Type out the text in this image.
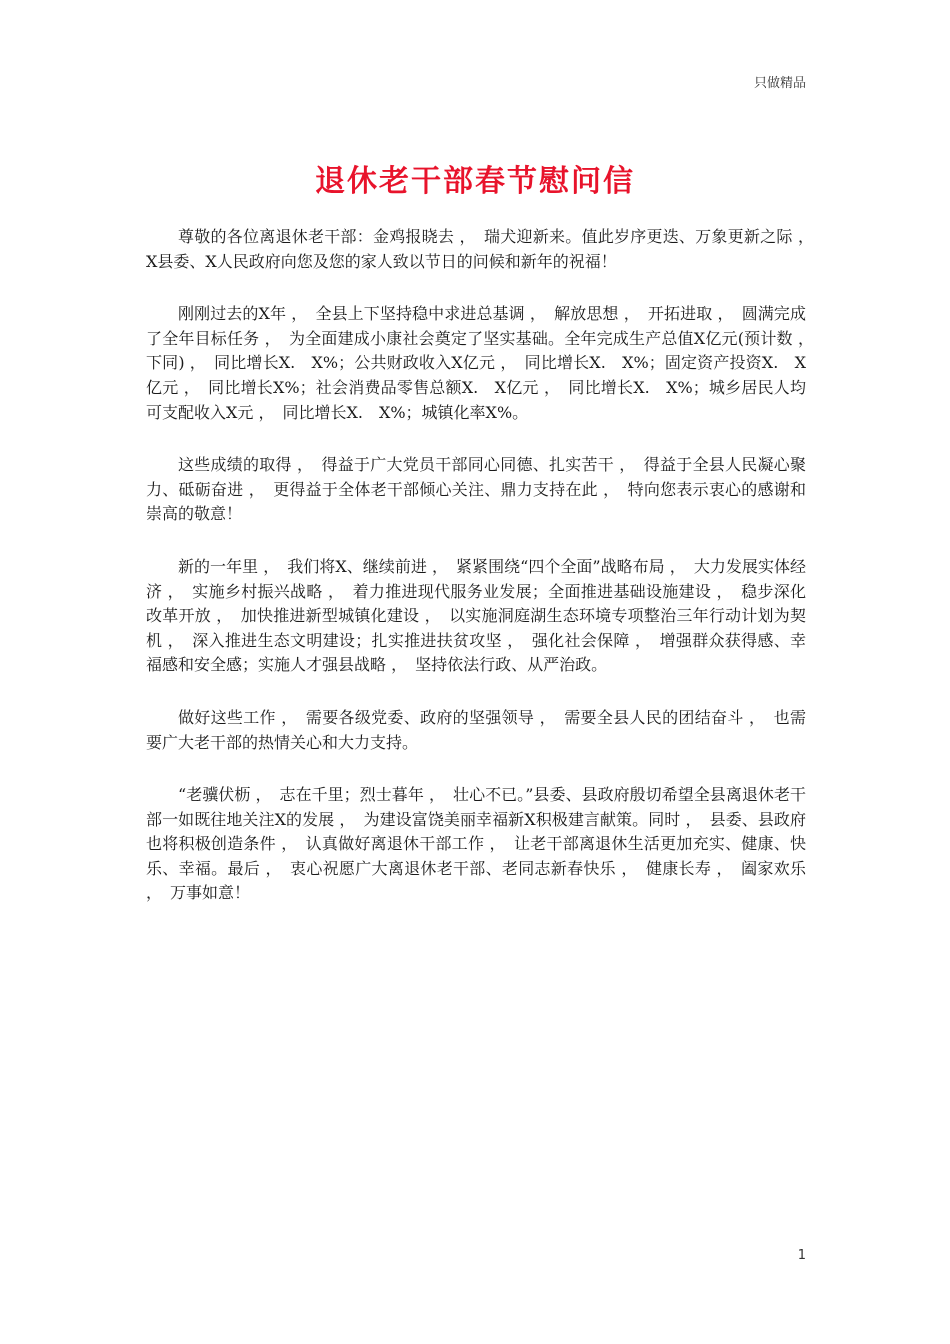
只做精品
退休老干部春节慰问信

尊敬的各位离退休老干部：金鸡报晓去 ，　瑞犬迎新来。值此岁序更迭、万象更新之际 ，　X县委、X人民政府向您及您的家人致以节日的问候和新年的祝福！

刚刚过去的X年 ，　全县上下坚持稳中求进总基调 ，　解放思想 ，　开拓进取 ，　圆满完成了全年目标任务 ，　为全面建成小康社会奠定了坚实基础。全年完成生产总值X亿元(预计数 ，　下同) ，　同比增长X.　X%；公共财政收入X亿元 ，　同比增长X.　X%；固定资产投资X.　X亿元 ，　同比增长X%；社会消费品零售总额X.　X亿元 ，　同比增长X.　X%；城乡居民人均可支配收入X元 ，　同比增长X.　X%；城镇化率X%。

这些成绩的取得 ，　得益于广大党员干部同心同德、扎实苦干 ，　得益于全县人民凝心聚力、砥砺奋进 ，　更得益于全体老干部倾心关注、鼎力支持在此 ，　特向您表示衷心的感谢和崇高的敬意！

新的一年里 ，　我们将X、继续前进 ，　紧紧围绕“四个全面”战略布局 ，　大力发展实体经济 ，　实施乡村振兴战略 ，　着力推进现代服务业发展；全面推进基础设施建设 ，　稳步深化改革开放 ，　加快推进新型城镇化建设 ，　以实施洞庭湖生态环境专项整治三年行动计划为契机 ，　深入推进生态文明建设；扎实推进扶贫攻坚 ，　强化社会保障 ，　增强群众获得感、幸福感和安全感；实施人才强县战略 ，　坚持依法行政、从严治政。

做好这些工作 ，　需要各级党委、政府的坚强领导 ，　需要全县人民的团结奋斗 ，　也需要广大老干部的热情关心和大力支持。

“老骥伏枥 ，　志在千里；烈士暮年 ，　壮心不已。”县委、县政府殷切希望全县离退休老干部一如既往地关注X的发展 ，　为建设富饶美丽幸福新X积极建言献策。同时 ，　县委、县政府也将积极创造条件 ，　认真做好离退休干部工作 ，　让老干部离退休生活更加充实、健康、快乐、幸福。最后 ，　衷心祝愿广大离退休老干部、老同志新春快乐 ，　健康长寿 ，　阖家欢乐 ，　万事如意！

1
